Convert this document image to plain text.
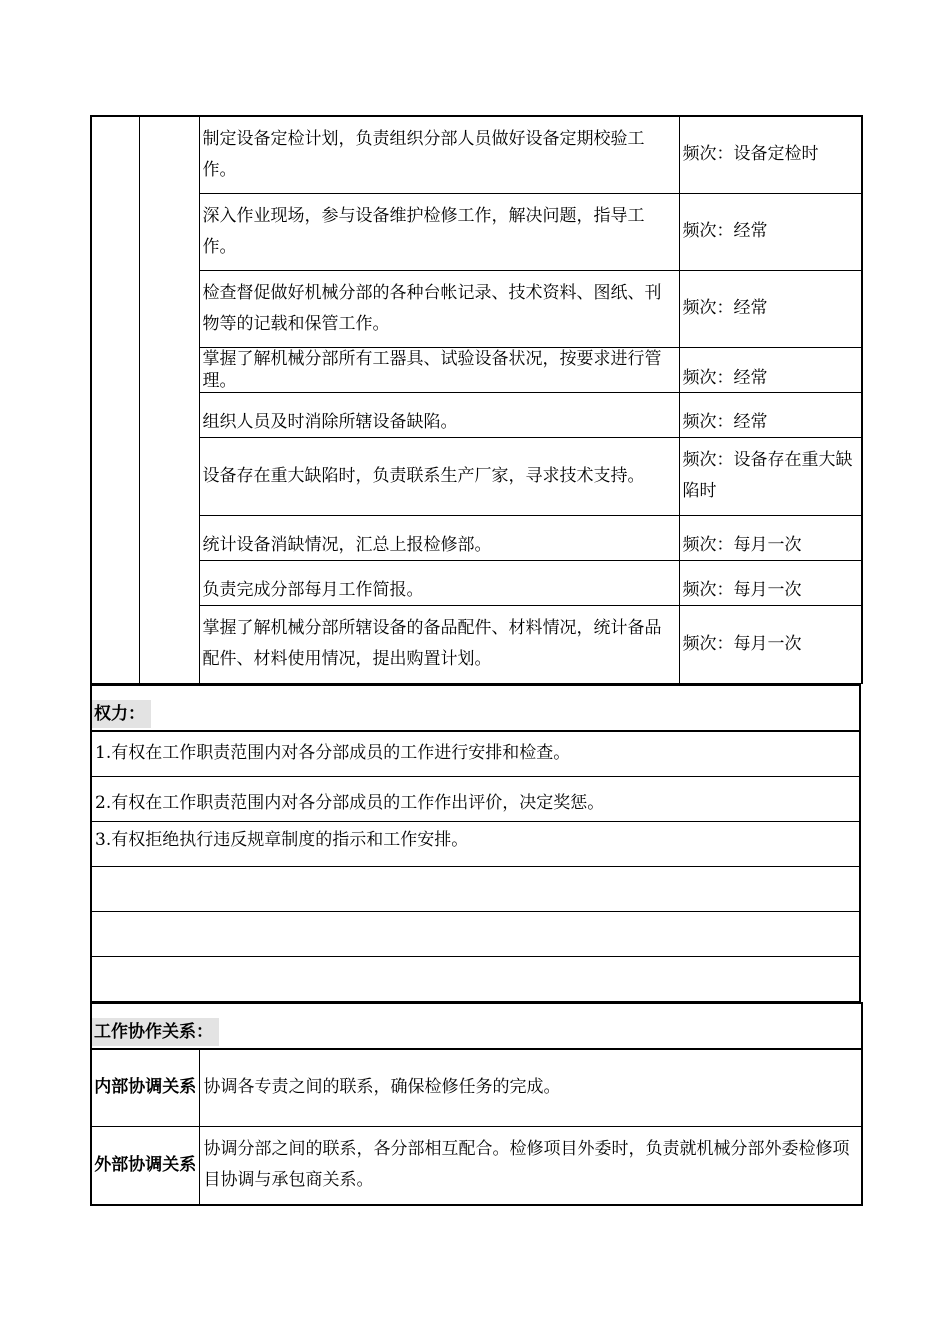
		制定设备定检计划，负责组织分部人员做好设备定期校验工作。	频次：设备定检时
		深入作业现场，参与设备维护检修工作，解决问题，指导工作。	频次：经常
		检查督促做好机械分部的各种台帐记录、技术资料、图纸、刊物等的记载和保管工作。	频次：经常
		掌握了解机械分部所有工器具、试验设备状况，按要求进行管理。	频次：经常
		组织人员及时消除所辖设备缺陷。	频次：经常
		设备存在重大缺陷时，负责联系生产厂家，寻求技术支持。	频次：设备存在重大缺陷时
		统计设备消缺情况，汇总上报检修部。	频次：每月一次
		负责完成分部每月工作简报。	频次：每月一次
		掌握了解机械分部所辖设备的备品配件、材料情况，统计备品配件、材料使用情况，提出购置计划。	频次：每月一次
权力：
1.有权在工作职责范围内对各分部成员的工作进行安排和检查。
2.有权在工作职责范围内对各分部成员的工作作出评价，决定奖惩。
3.有权拒绝执行违反规章制度的指示和工作安排。

工作协作关系：	
内部协调关系	协调各专责之间的联系，确保检修任务的完成。
外部协调关系	协调分部之间的联系，各分部相互配合。检修项目外委时，负责就机械分部外委检修项目协调与承包商关系。
